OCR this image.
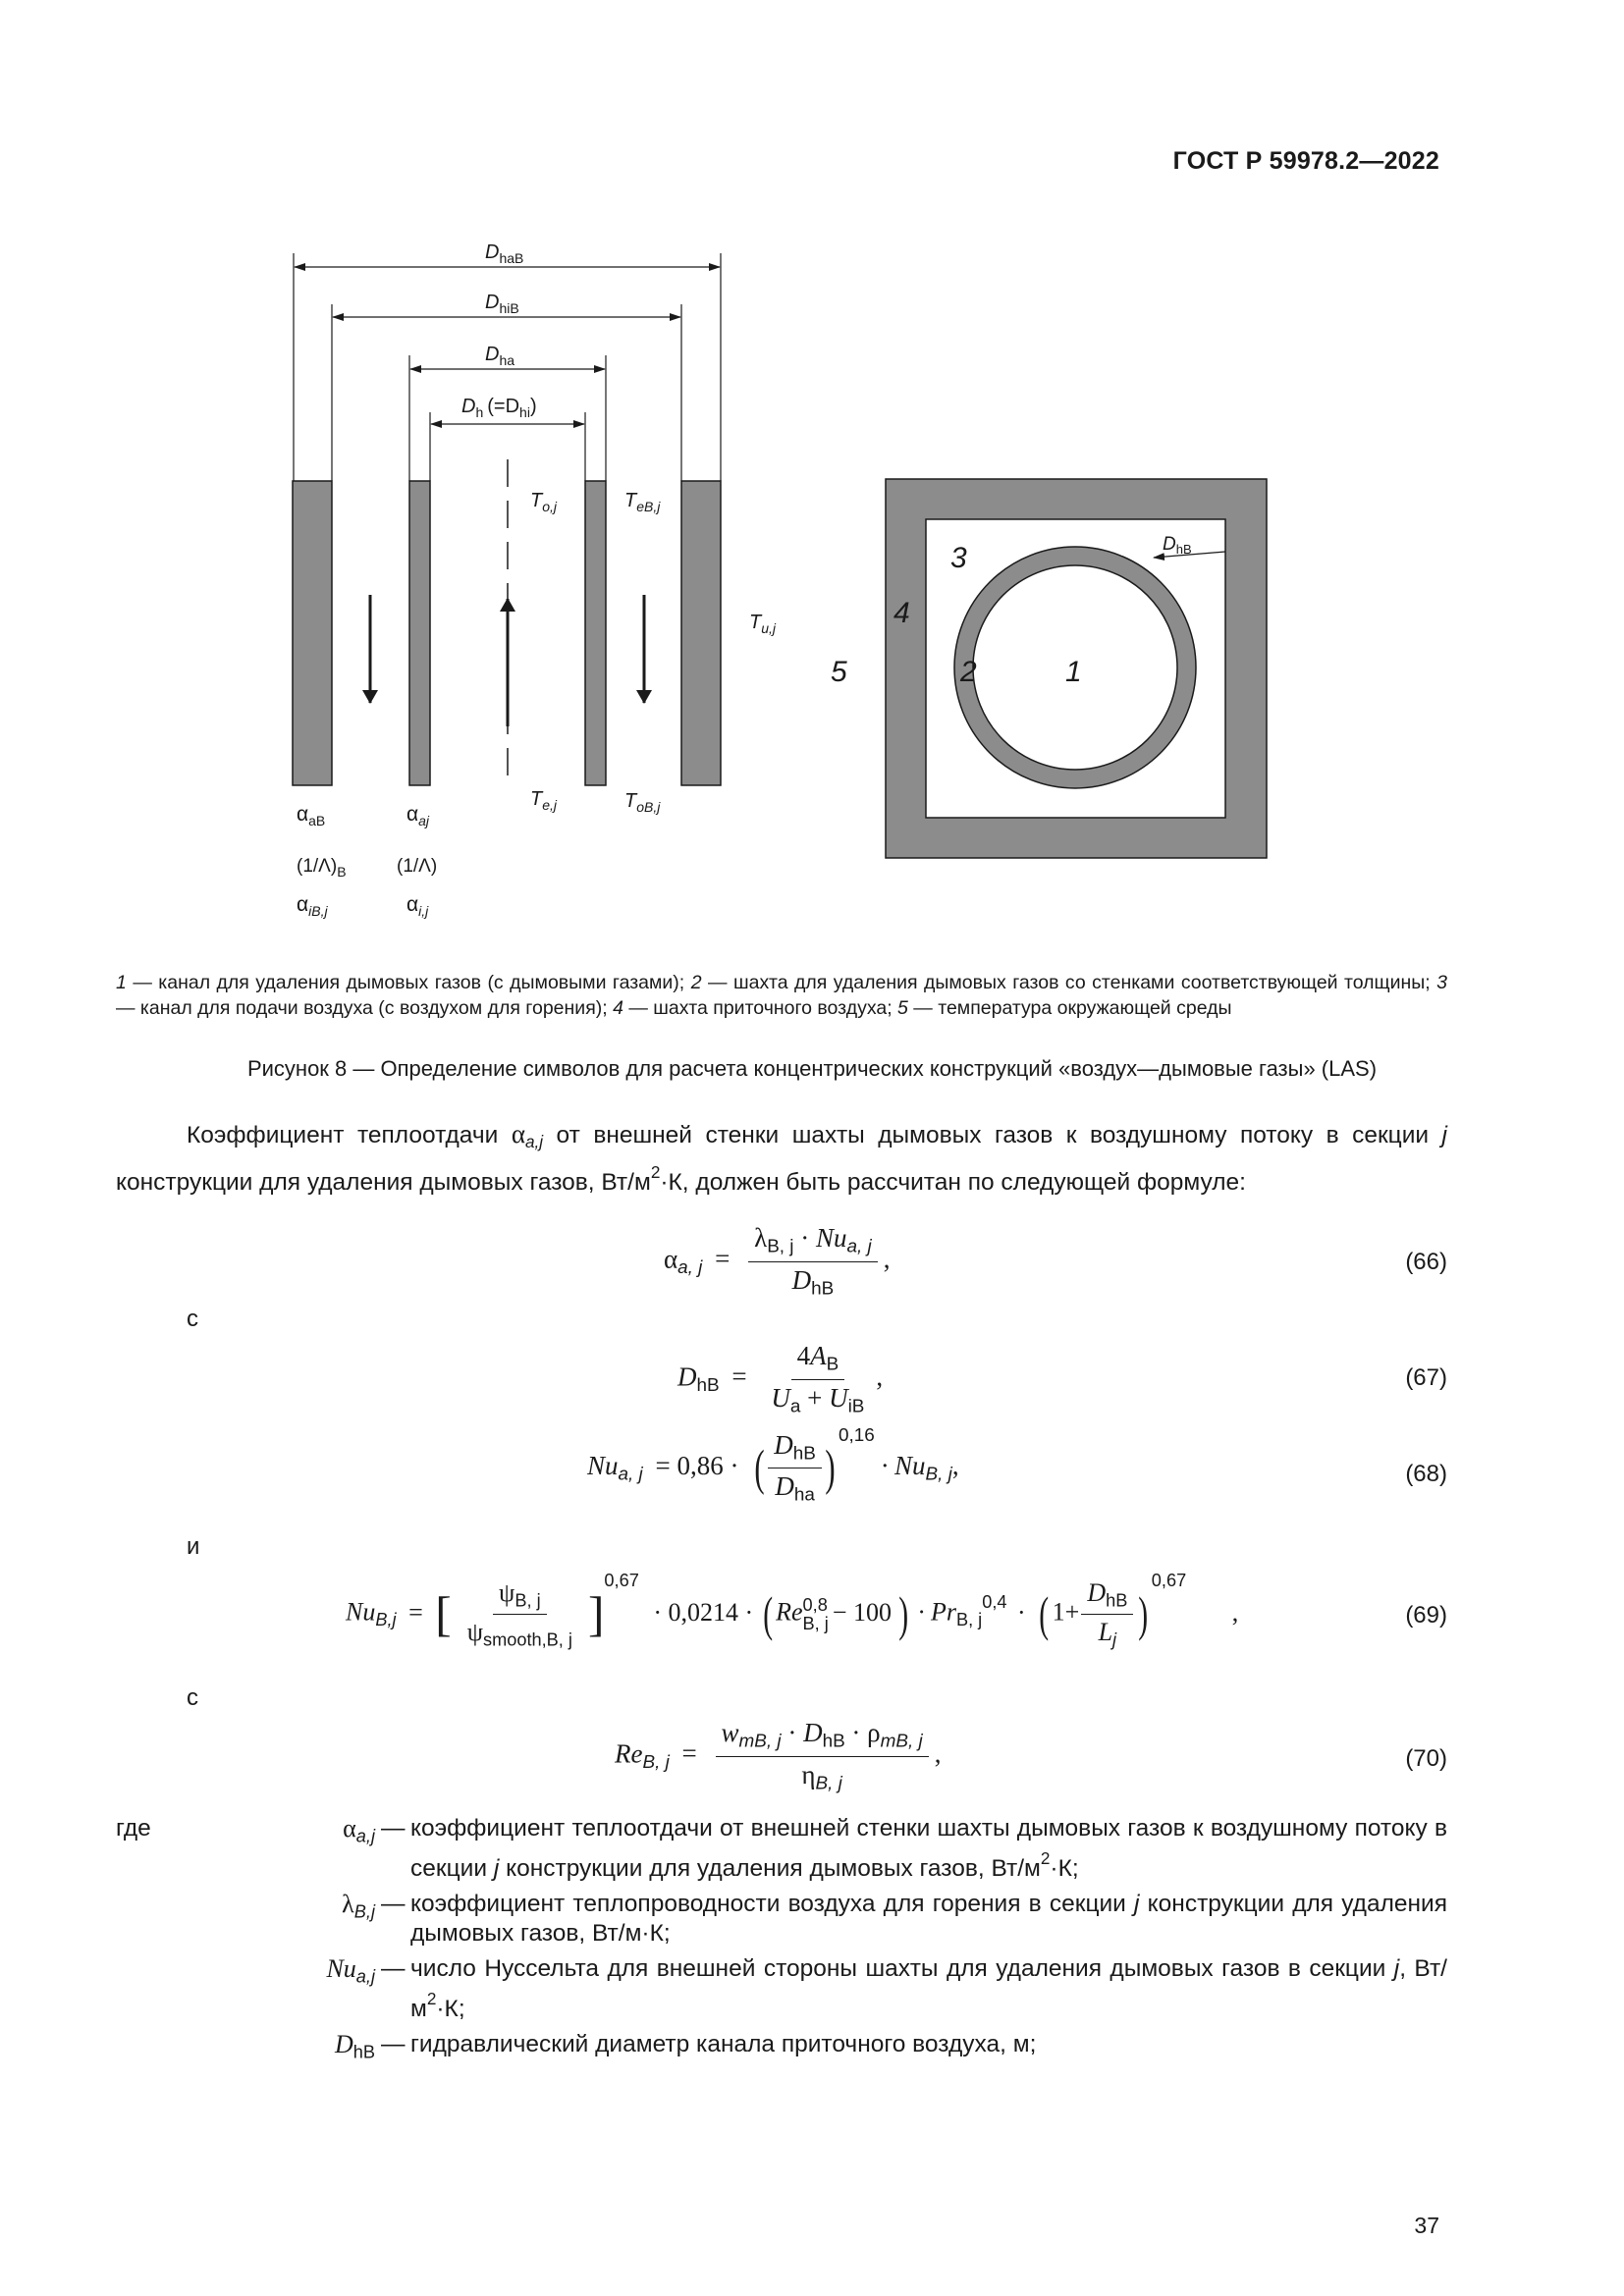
ГОСТ Р 59978.2—2022
$D_{haB}$
$D_{hiB}$
$D_{ha}$
$D_h$ $(=D_{hi})$
$T_{o,j}$	$T_{eB,j}$
$T_{u,j}$
$T_{e,j}$	$T_{oB,j}$
$\alpha_{aB}$	$\alpha_{aj}$
$(1/\Lambda)_B$	(1/Λ)
$\alpha_{iB,j}$	$\alpha_{i,j}$
$D_{hB}$
1
2
3
4
5
1 — канал для удаления дымовых газов (с дымовыми газами); 2 — шахта для удаления дымовых газов со стенками соответствующей толщины; 3 — канал для подачи воздуха (с воздухом для горения); 4 — шахта приточного воздуха; 5 — температура окружающей среды
Рисунок 8 — Определение символов для расчета концентрических конструкций «воздух—дымовые газы» (LAS)
Коэффициент теплоотдачи $\alpha_{a,j}$ от внешней стенки шахты дымовых газов к воздушному потоку в секции j конструкции для удаления дымовых газов, $Вт/м^2\cdot К$, должен быть рассчитан по следующей формуле:
$\alpha_{a, j} = \frac{\lambda_{B, j} \cdot Nu_{a, j}}{D_{hB}}$ ,	(66)
с
$D_{hB} = \frac{4A_B}{U_a + U_{iB}}$ ,	(67)
$Nu_{a, j} = 0,86$ · ( $\frac{D_{hB}}{D_{ha}} )^{0,16} \cdot Nu_{B, j}$,	(68)
и
$Nu_{B,j}$ = [ $\frac{\psi_{B, j}}{\psi_{smooth,B, j}} ]^{0,67} \cdot 0,0214$ · ( Re 0,8
B, j − 100 ) · $Pr_{B, j}^{0,4}$ · ( $1+ \frac{D_{hB}}{L_j} )^{0,67}$ ,	(69)
с
$Re_{B, j} = \frac{w_{mB, j} \cdot D_{hB} \cdot \rho_{mB, j}}{\eta_{B, j}}$ ,	(70)
где	$\alpha_{a,j}$ — коэффициент теплоотдачи от внешней стенки шахты дымовых газов к воздушному потоку в секции j конструкции для удаления дымовых газов, $Вт/м^2\cdot К$;
$\lambda_{B,j}$ — коэффициент теплопроводности воздуха для горения в секции j конструкции для удаления дымовых газов, Вт/м·К;
$Nu_{a,j}$ — число Нуссельта для внешней стороны шахты для удаления дымовых газов в секции j, $Вт/м^2\cdot К$;
$D_{hB}$ — гидравлический диаметр канала приточного воздуха, м;
37
